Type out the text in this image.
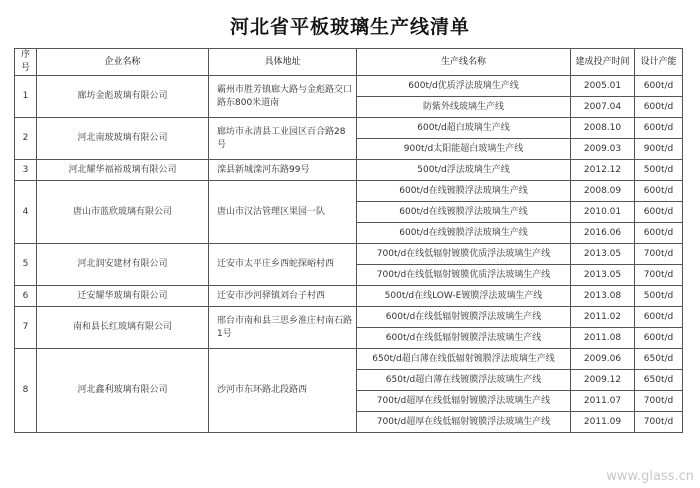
河北省平板玻璃生产线清单
序号	企业名称	具体地址	生产线名称	建成投产时间	设计产能
1	廊坊金彪玻璃有限公司	霸州市胜芳镇廊大路与金彪路交口路东800米道南	600t/d优质浮法玻璃生产线	2005.01	600t/d
			防紫外线玻璃生产线	2007.04	600t/d
2	河北南玻玻璃有限公司	廊坊市永清县工业园区百合路28号	600t/d超白玻璃生产线	2008.10	600t/d
			900t/d太阳能超白玻璃生产线	2009.03	900t/d
3	河北耀华福裕玻璃有限公司	滦县新城滦河东路99号	500t/d浮法玻璃生产线	2012.12	500t/d
4	唐山市蓝欣玻璃有限公司	唐山市汉沽管理区果园一队	600t/d在线镀膜浮法玻璃生产线	2008.09	600t/d
			600t/d在线镀膜浮法玻璃生产线	2010.01	600t/d
			600t/d在线镀膜浮法玻璃生产线	2016.06	600t/d
5	河北润安建材有限公司	迁安市太平庄乡西蛇探峪村西	700t/d在线低辐射镀膜优质浮法玻璃生产线	2013.05	700t/d
			700t/d在线低辐射镀膜优质浮法玻璃生产线	2013.05	700t/d
6	迁安耀华玻璃有限公司	迁安市沙河驿镇刘台子村西	500t/d在线LOW-E镀膜浮法玻璃生产线	2013.08	500t/d
7	南和县长红玻璃有限公司	邢台市南和县三思乡淮庄村南石路1号	600t/d在线低辐射镀膜浮法玻璃生产线	2011.02	600t/d
			600t/d在线低辐射镀膜浮法玻璃生产线	2011.08	600t/d
8	河北鑫利玻璃有限公司	沙河市东环路北段路西	650t/d超白薄在线低辐射镀膜浮法玻璃生产线	2009.06	650t/d
			650t/d超白薄在线镀膜浮法玻璃生产线	2009.12	650t/d
			700t/d超厚在线低辐射镀膜浮法玻璃生产线	2011.07	700t/d
			700t/d超厚在线低辐射镀膜浮法玻璃生产线	2011.09	700t/d
www.glass.cn
